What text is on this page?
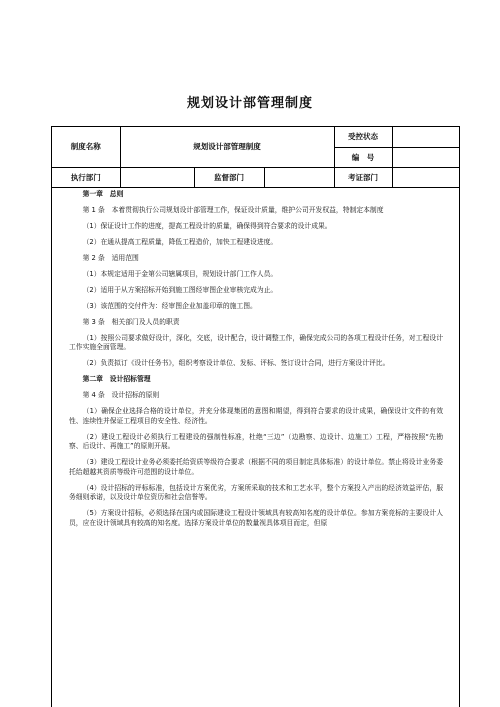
规划设计部管理制度
制度名称	规划设计部管理制度			受控状态	
				编　号	
执行部门		监督部门		考证部门	

第一章　总则

第 1 条　本着贯彻执行公司规划设计部管理工作，保证设计质量，维护公司开发权益，特制定本制度

（1）保证设计工作的进度，提高工程设计的质量，确保得到符合要求的设计成果。

（2）在通从提高工程质量，降低工程造价，加快工程建设进度。

第 2 条　适用范围

（1）本规定适用于金第公司辖属项目，规划设计部门工作人员。

（2）适用于从方案招标开始到施工图经审图企业审核完成为止。

（3）该范围的交付件为：经审图企业加盖印章的施工图。

第 3 条　相关部门及人员的职责

（1）按照公司要求做好设计，深化，交底，设计配合，设计调整工作，确保完成公司的各项工程设计任务，对工程设计工作实施全面管理。

（2）负责拟订《设计任务书》，组织考察设计单位、发标、评标、签订设计合同，进行方案设计评比。

第二章　设计招标管理

第 4 条　设计招标的原则

（1）确保企业选择合格的设计单位，并充分体现集团的意图和期望，得到符合要求的设计成果，确保设计文件的有效性、连续性并保证工程项目的安全性、经济性。

（2）建设工程设计必须执行工程建设的强制性标准，杜绝“三边”（边勘察、边设计、边施工）工程，严格按照“先勘察、后设计、再施工”的原则开展。

（3）建设工程设计业务必须委托给资质等级符合要求（根据不同的项目制定具体标准）的设计单位。禁止将设计业务委托给超越其资质等级许可范围的设计单位。

（4）设计招标的评标标准，包括设计方案优劣，方案所采取的技术和工艺水平，整个方案投入产出的经济效益评估，服务细则承诺，以及设计单位资历和社会信誉等。

（5）方案设计招标，必须选择在国内或国际建设工程设计领域具有较高知名度的设计单位。参加方案竞标的主要设计人员，应在设计领域具有较高的知名度。选择方案设计单位的数量视具体项目而定，但原
